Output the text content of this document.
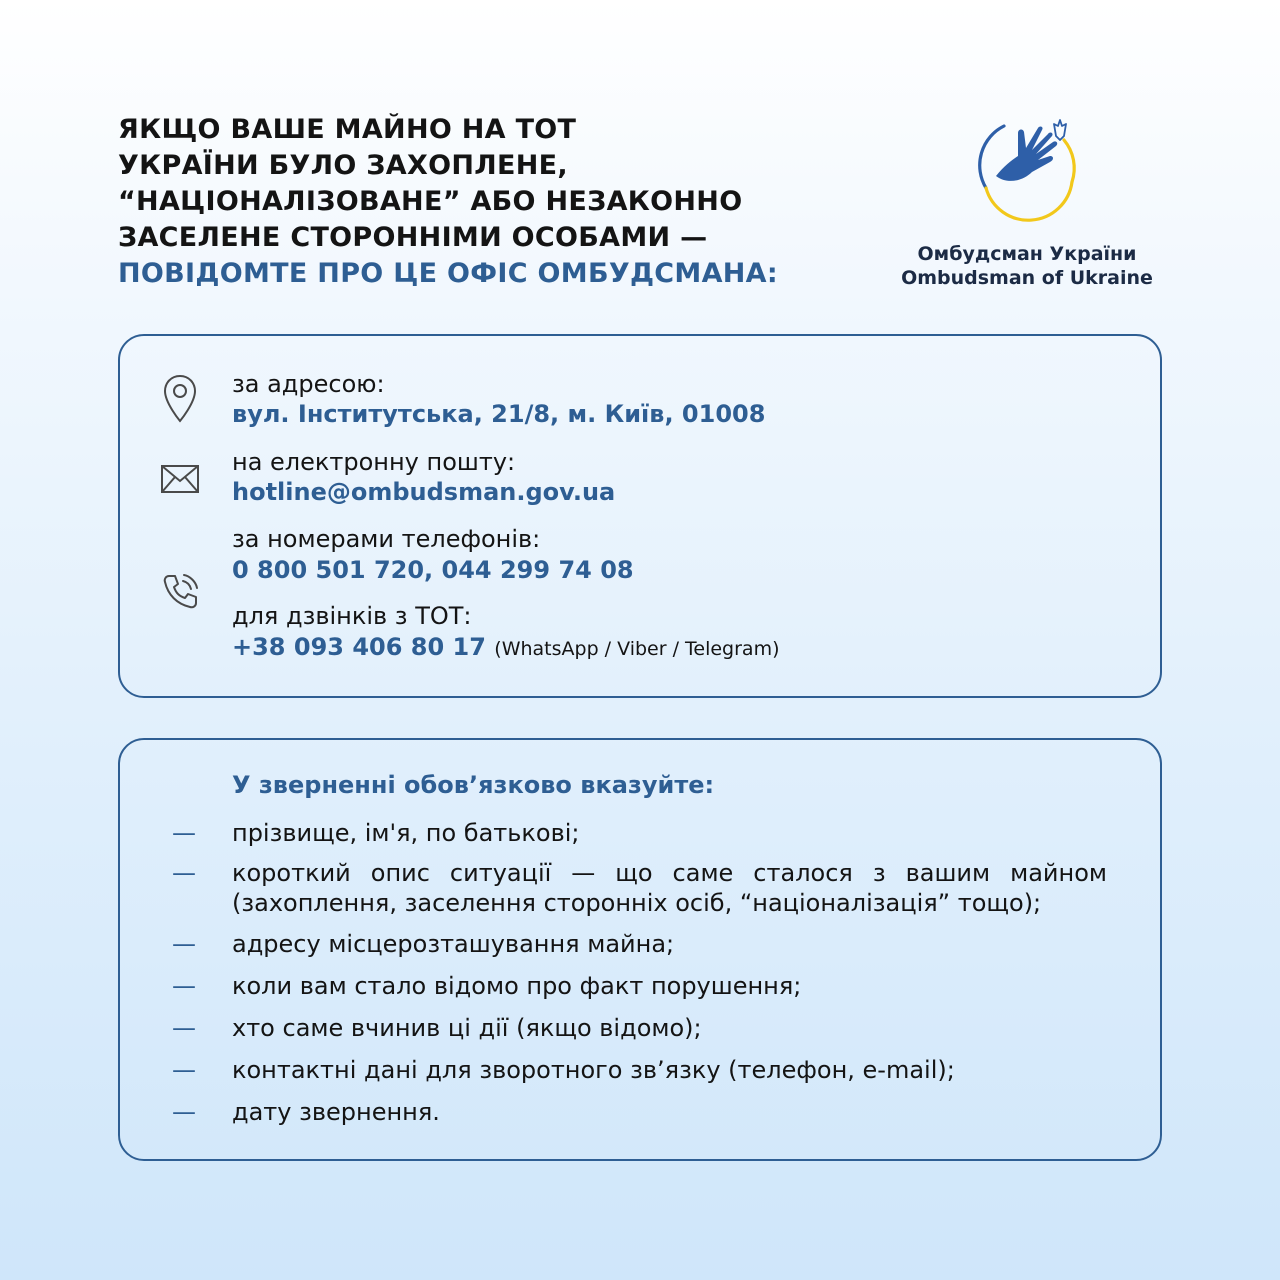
ЯКЩО ВАШЕ МАЙНО НА ТОТ
УКРАЇНИ БУЛО ЗАХОПЛЕНЕ,
“НАЦІОНАЛІЗОВАНЕ” АБО НЕЗАКОННО
ЗАСЕЛЕНЕ СТОРОННІМИ ОСОБАМИ —
ПОВІДОМТЕ ПРО ЦЕ ОФІС ОМБУДСМАНА:
Омбудсман України
Ombudsman of Ukraine
за адресою:
вул. Інститутська, 21/8, м. Київ, 01008
на електронну пошту:
hotline@ombudsman.gov.ua
за номерами телефонів:
0 800 501 720, 044 299 74 08
для дзвінків з ТОТ:
+38 093 406 80 17 (WhatsApp / Viber / Telegram)
У зверненні обов’язково вказуйте:
— прізвище, ім'я, по батькові;
— короткий опис ситуації — що саме сталося з вашим майном (захоплення, заселення сторонніх осіб, “націоналізація” тощо);
— адресу місцерозташування майна;
— коли вам стало відомо про факт порушення;
— хто саме вчинив ці дії (якщо відомо);
— контактні дані для зворотного зв’язку (телефон, e-mail);
— дату звернення.
